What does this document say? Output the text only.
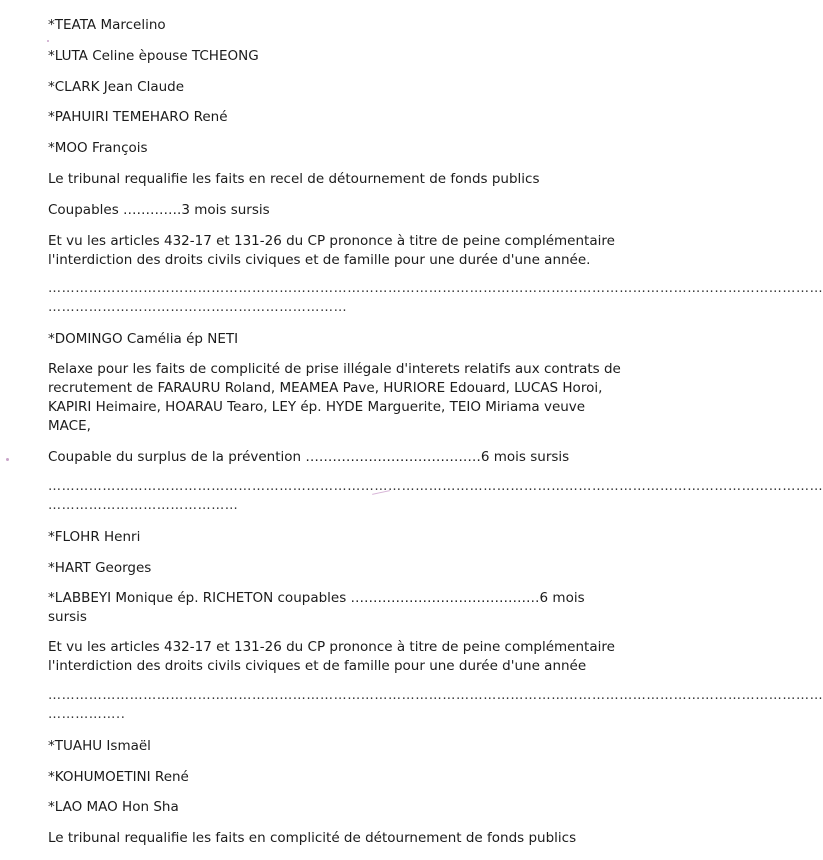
*TEATA Marcelino
*LUTA Celine èpouse TCHEONG
*CLARK Jean Claude
*PAHUIRI TEMEHARO René
*MOO François
Le tribunal requalifie les faits en recel de détournement de fonds publics
Coupables ………….3 mois sursis
Et vu les articles 432-17 et 131-26 du CP prononce à titre de peine complémentaire
l'interdiction des droits civils civiques et de famille pour une durée d'une année.
………………………………………………………………………………………………………………………………………………………
…………………………………………………………
*DOMINGO Camélia ép NETI
Relaxe pour les faits de complicité de prise illégale d'interets relatifs aux contrats de
recrutement de FARAURU Roland, MEAMEA Pave, HURIORE Edouard, LUCAS Horoi,
KAPIRI Heimaire, HOARAU Tearo, LEY ép. HYDE Marguerite, TEIO Miriama veuve
MACE,
Coupable du surplus de la prévention …………………………………6 mois sursis
………………………………………………………………………………………………………………………………………………………
……………………………………
*FLOHR Henri
*HART Georges
*LABBEYI Monique ép. RICHETON coupables ……………………………………6 mois
sursis
Et vu les articles 432-17 et 131-26 du CP prononce à titre de peine complémentaire
l'interdiction des droits civils civiques et de famille pour une durée d'une année
………………………………………………………………………………………………………………………………………………………
……………..
*TUAHU Ismaël
*KOHUMOETINI René
*LAO MAO Hon Sha
Le tribunal requalifie les faits en complicité de détournement de fonds publics
